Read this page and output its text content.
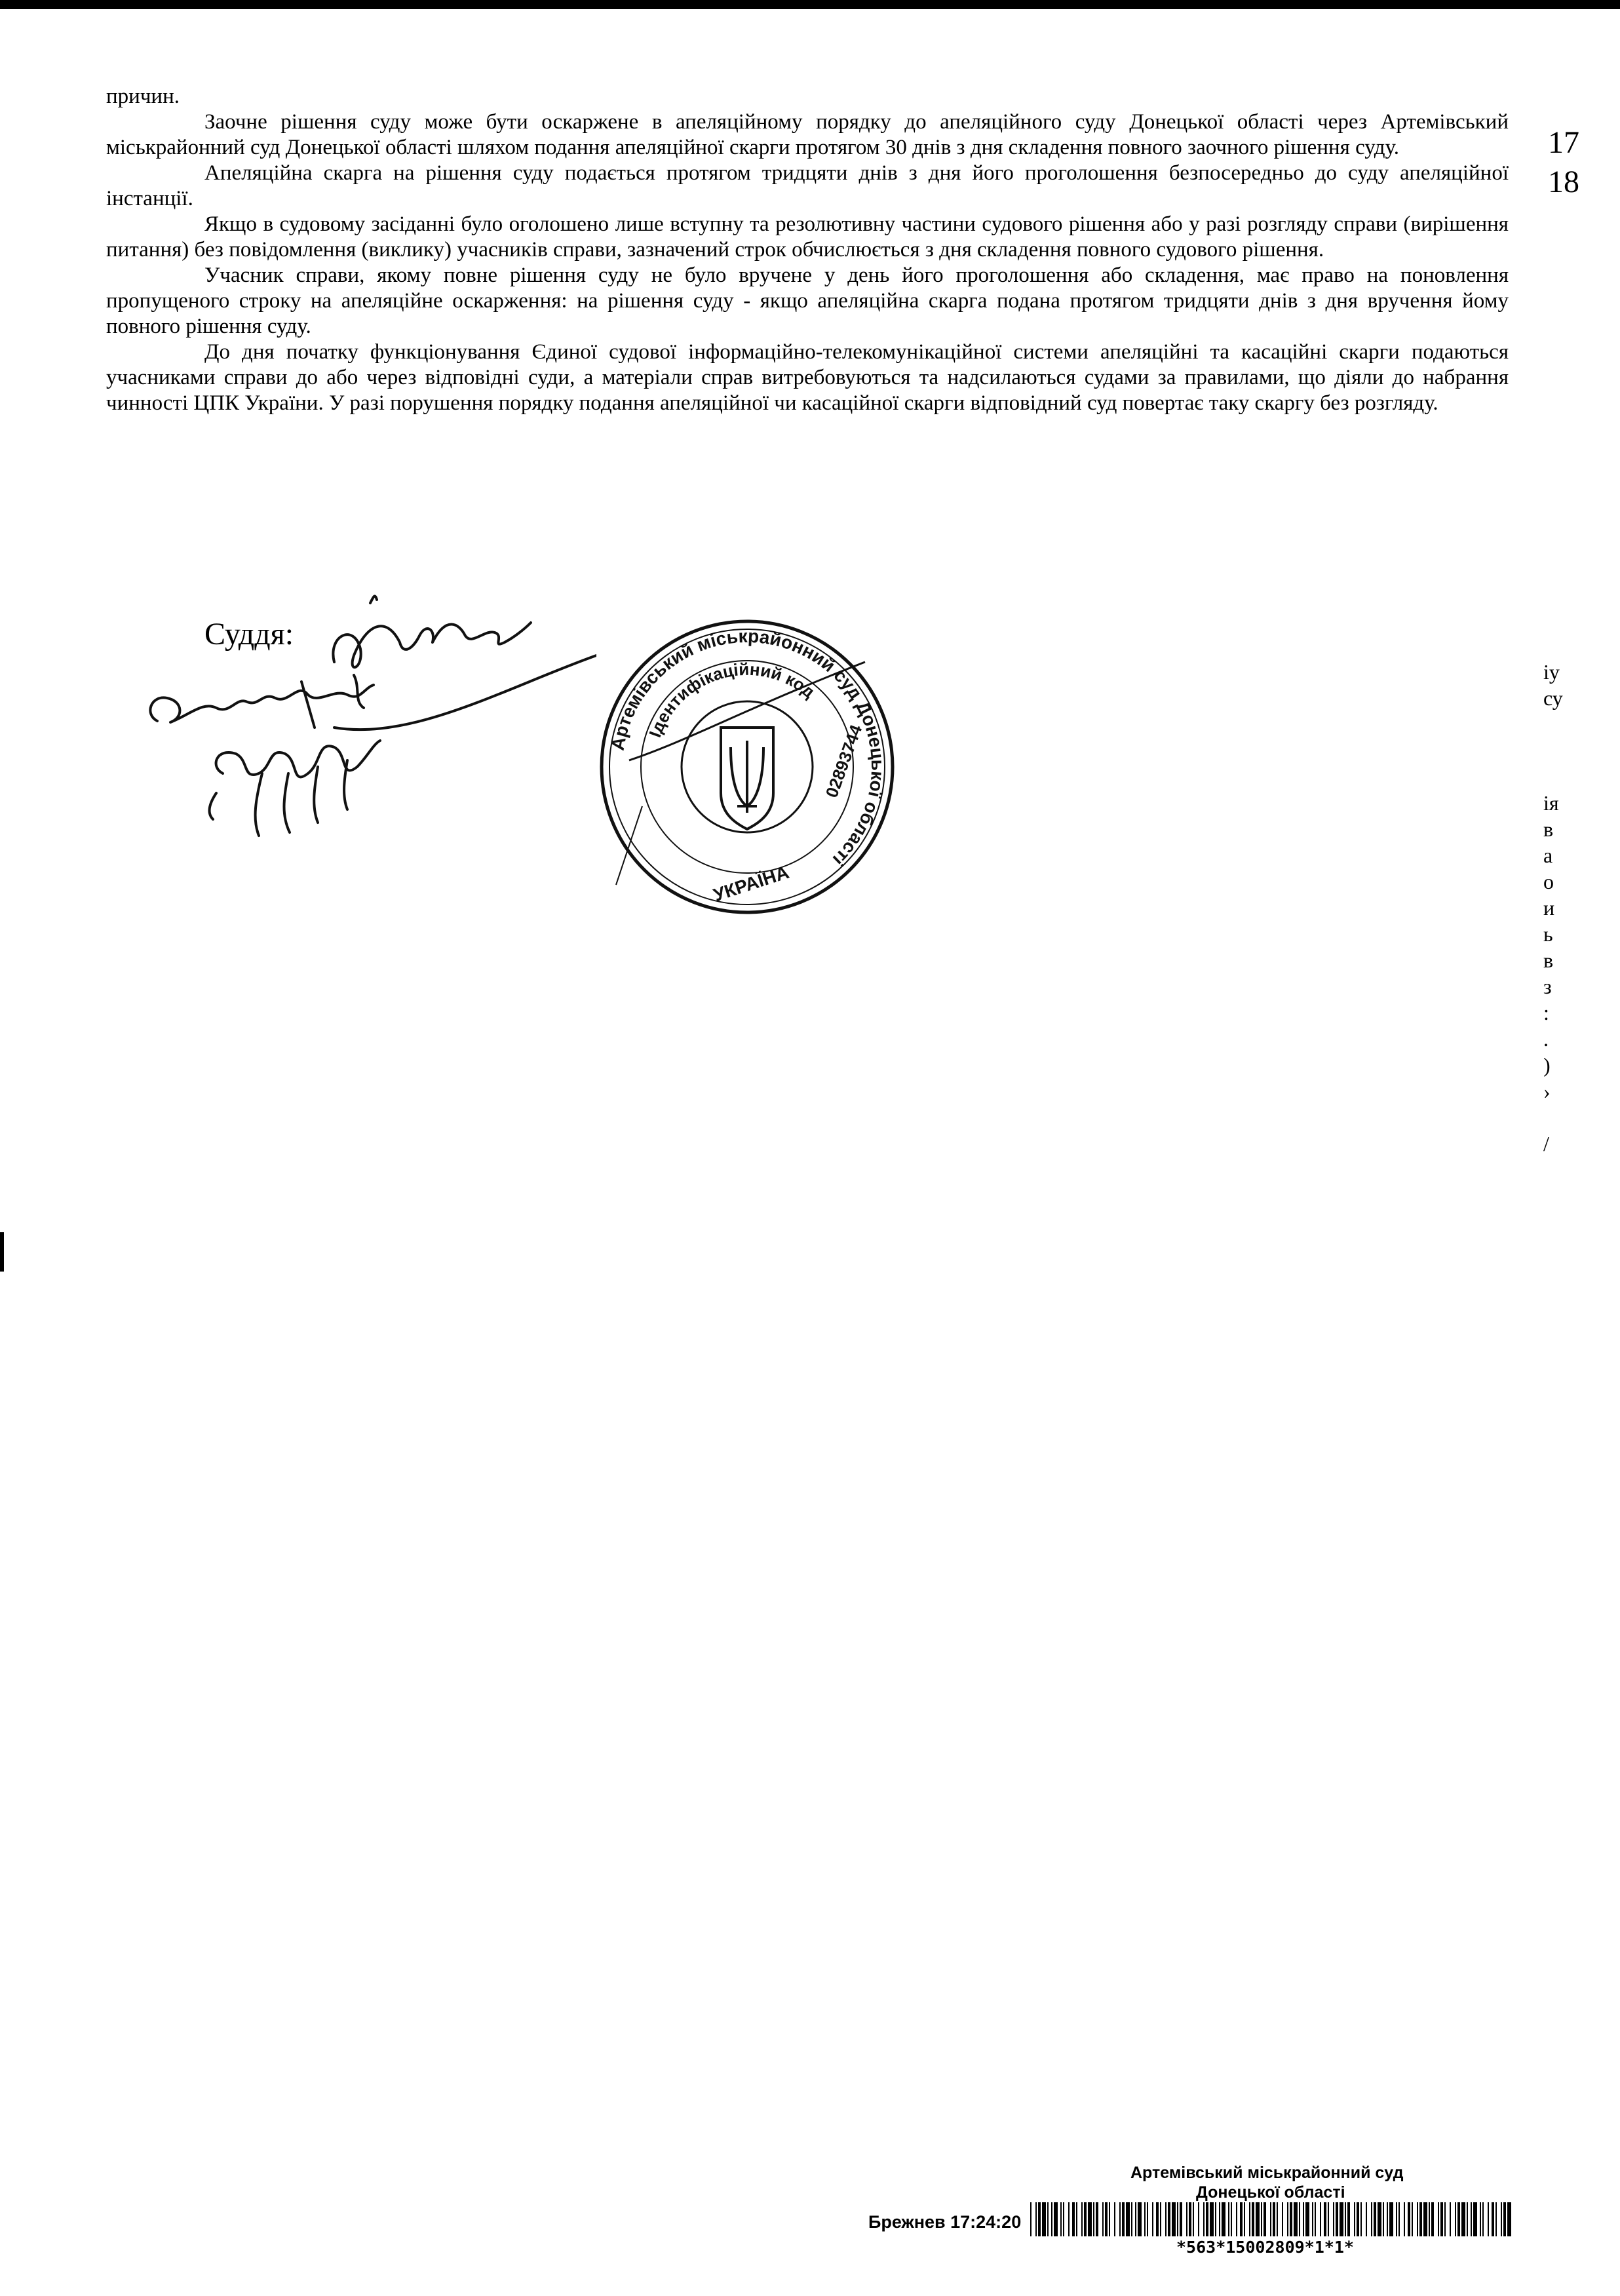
причин.

Заочне рішення суду може бути оскаржене в апеляційному порядку до апеляційного суду Донецької області через Артемівський міськрайонний суд Донецької області шляхом подання апеляційної скарги протягом 30 днів з дня складення повного заочного рішення суду.

Апеляційна скарга на рішення суду подається протягом тридцяти днів з дня його проголошення безпосередньо до суду апеляційної інстанції.

Якщо в судовому засіданні було оголошено лише вступну та резолютивну частини судового рішення або у разі розгляду справи (вирішення питання) без повідомлення (виклику) учасників справи, зазначений строк обчислюється з дня складення повного судового рішення.

Учасник справи, якому повне рішення суду не було вручене у день його проголошення або складення, має право на поновлення пропущеного строку на апеляційне оскарження: на рішення суду - якщо апеляційна скарга подана протягом тридцяти днів з дня вручення йому повного рішення суду.

До дня початку функціонування Єдиної судової інформаційно-телекомунікаційної системи апеляційні та касаційні скарги подаються учасниками справи до або через відповідні суди, а матеріали справ витребовуються та надсилаються судами за правилами, що діяли до набрання чинності ЦПК України. У разі порушення порядку подання апеляційної чи касаційної скарги відповідний суд повертає таку скаргу без розгляду.

17
18
Суддя:
Артемівський міськрайонний суд Донецької області
Ідентифікаційний код
02893744
УКРАЇНА
іу
су
ія
в
а
о
и
ь
в
з
:
.
)
›
/
Артемівський міськрайонний суд
Донецької області
Брежнев 17:24:20
*563*15002809*1*1*
